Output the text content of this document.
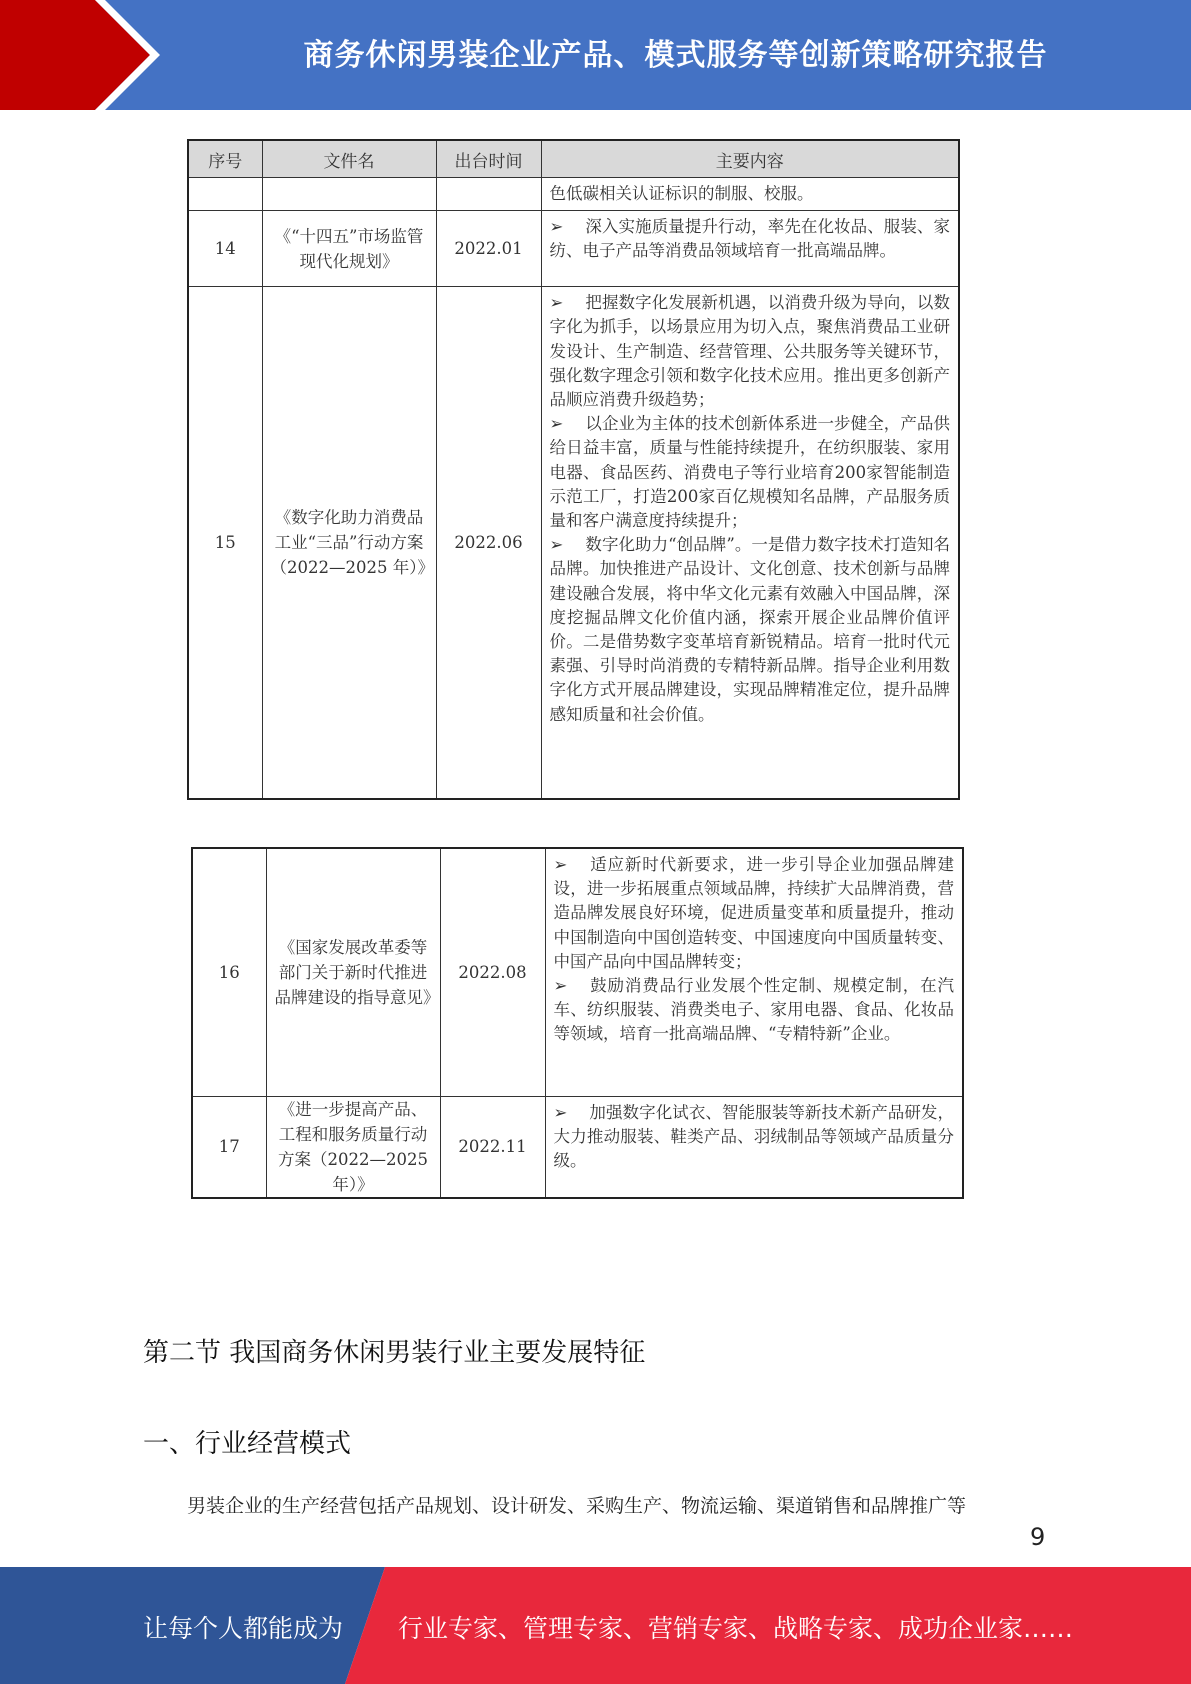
商务休闲男装企业产品、模式服务等创新策略研究报告
序号	文件名	出台时间	主要内容

			色低碳相关认证标识的制服、校服。

14	《“十四五”市场监管现代化规划》	2022.01	➢ 深入实施质量提升行动，率先在化妆品、服装、家纺、电子产品等消费品领域培育一批高端品牌。

15	《数字化助力消费品工业“三品”行动方案（2022—2025 年）》	2022.06	➢ 把握数字化发展新机遇，以消费升级为导向，以数字化为抓手，以场景应用为切入点，聚焦消费品工业研发设计、生产制造、经营管理、公共服务等关键环节，强化数字理念引领和数字化技术应用。推出更多创新产品顺应消费升级趋势；

➢ 以企业为主体的技术创新体系进一步健全，产品供给日益丰富，质量与性能持续提升，在纺织服装、家用电器、食品医药、消费电子等行业培育200家智能制造示范工厂，打造200家百亿规模知名品牌，产品服务质量和客户满意度持续提升；

➢ 数字化助力“创品牌”。一是借力数字技术打造知名品牌。加快推进产品设计、文化创意、技术创新与品牌建设融合发展，将中华文化元素有效融入中国品牌，深度挖掘品牌文化价值内涵，探索开展企业品牌价值评价。二是借势数字变革培育新锐精品。培育一批时代元素强、引导时尚消费的专精特新品牌。指导企业利用数字化方式开展品牌建设，实现品牌精准定位，提升品牌感知质量和社会价值。

16	《国家发展改革委等部门关于新时代推进品牌建设的指导意见》	2022.08	➢ 适应新时代新要求，进一步引导企业加强品牌建设，进一步拓展重点领域品牌，持续扩大品牌消费，营造品牌发展良好环境，促进质量变革和质量提升，推动中国制造向中国创造转变、中国速度向中国质量转变、中国产品向中国品牌转变；

➢ 鼓励消费品行业发展个性定制、规模定制，在汽车、纺织服装、消费类电子、家用电器、食品、化妆品等领域，培育一批高端品牌、“专精特新”企业。

17	《进一步提高产品、工程和服务质量行动方案（2022—2025 年）》	2022.11	➢ 加强数字化试衣、智能服装等新技术新产品研发，大力推动服装、鞋类产品、羽绒制品等领域产品质量分级。

第二节 我国商务休闲男装行业主要发展特征
一、行业经营模式
男装企业的生产经营包括产品规划、设计研发、采购生产、物流运输、渠道销售和品牌推广等
9
让每个人都能成为 行业专家、管理专家、营销专家、战略专家、成功企业家……
